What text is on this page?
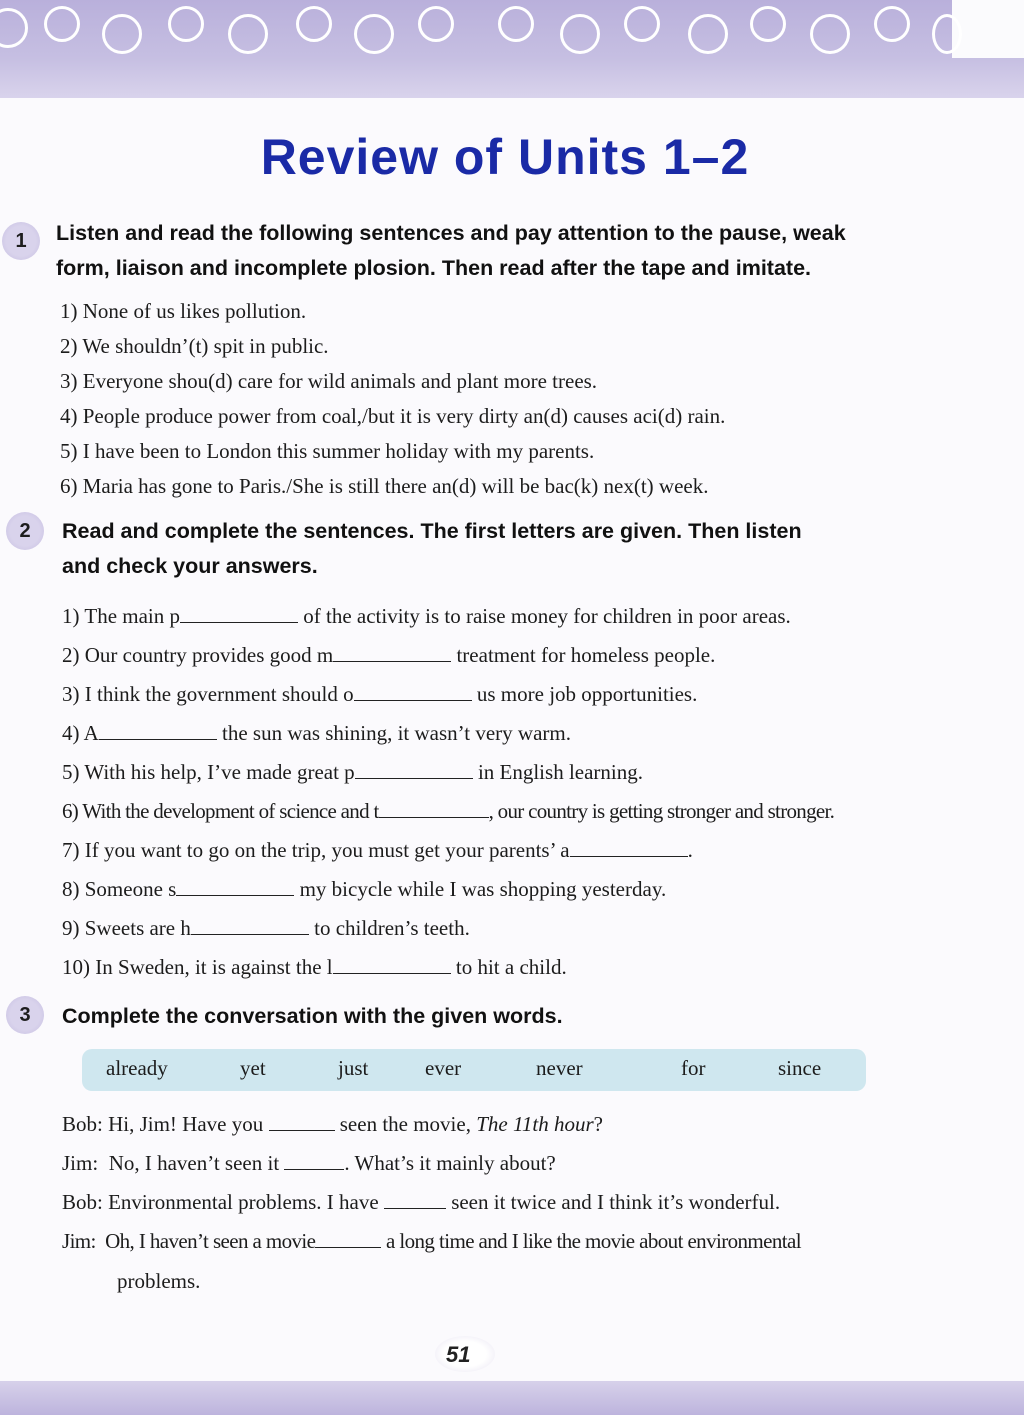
Review of Units 1–2
1 Listen and read the following sentences and pay attention to the pause, weak
form, liaison and incomplete plosion. Then read after the tape and imitate.
1) None of us likes pollution.
2) We shouldn’(t) spit in public.
3) Everyone shou(d) care for wild animals and plant more trees.
4) People produce power from coal,/but it is very dirty an(d) causes aci(d) rain.
5) I have been to London this summer holiday with my parents.
6) Maria has gone to Paris./She is still there an(d) will be bac(k) nex(t) week.
2 Read and complete the sentences. The first letters are given. Then listen
and check your answers.
1) The main p	of the activity is to raise money for children in poor areas.
2) Our country provides good m	treatment for homeless people.
3) I think the government should o	us more job opportunities.
4) A	the sun was shining, it wasn’t very warm.
5) With his help, I’ve made great p	in English learning.
6) With the development of science and t	, our country is getting stronger and stronger.
7) If you want to go on the trip, you must get your parents’ a	.
8) Someone s	my bicycle while I was shopping yesterday.
9) Sweets are h	to children’s teeth.
10) In Sweden, it is against the l	to hit a child.
3 Complete the conversation with the given words.
already	yet	just	ever	never	for	since
Bob: Hi, Jim! Have you	seen the movie, The 11th hour?
Jim: No, I haven’t seen it	. What’s it mainly about?
Bob: Environmental problems. I have	seen it twice and I think it’s wonderful.
Jim: Oh, I haven’t seen a movie	a long time and I like the movie about environmental
problems.
51
